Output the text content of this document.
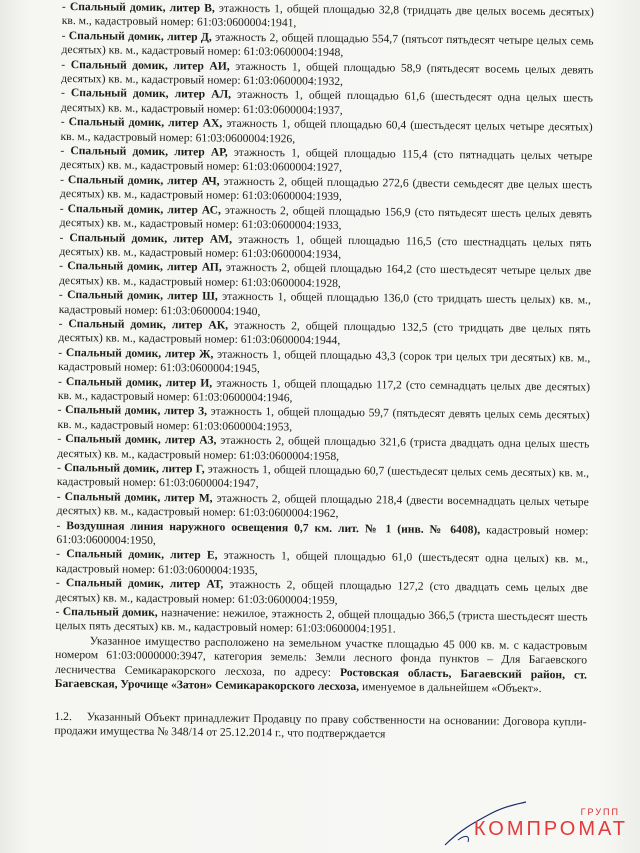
- Спальный домик, литер В, этажность 1, общей площадью 32,8 (тридцать две целых восемь десятых) кв. м., кадастровый номер: 61:03:0600004:1941,

- Спальный домик, литер Д, этажность 2, общей площадью 554,7 (пятьсот пятьдесят четыре целых семь десятых) кв. м., кадастровый номер: 61:03:0600004:1948,

- Спальный домик, литер АИ, этажность 1, общей площадью 58,9 (пятьдесят восемь целых девять десятых) кв. м., кадастровый номер: 61:03:0600004:1932,

- Спальный домик, литер АЛ, этажность 1, общей площадью 61,6 (шестьдесят одна целых шесть десятых) кв. м., кадастровый номер: 61:03:0600004:1937,

- Спальный домик, литер АХ, этажность 1, общей площадью 60,4 (шестьдесят целых четыре десятых) кв. м., кадастровый номер: 61:03:0600004:1926,

- Спальный домик, литер АР, этажность 1, общей площадью 115,4 (сто пятнадцать целых четыре десятых) кв. м., кадастровый номер: 61:03:0600004:1927,

- Спальный домик, литер АЧ, этажность 2, общей площадью 272,6 (двести семьдесят две целых шесть десятых) кв. м., кадастровый номер: 61:03:0600004:1939,

- Спальный домик, литер АС, этажность 2, общей площадью 156,9 (сто пятьдесят шесть целых девять десятых) кв. м., кадастровый номер: 61:03:0600004:1933,

- Спальный домик, литер АМ, этажность 1, общей площадью 116,5 (сто шестнадцать целых пять десятых) кв. м., кадастровый номер: 61:03:0600004:1934,

- Спальный домик, литер АП, этажность 2, общей площадью 164,2 (сто шестьдесят четыре целых две десятых) кв. м., кадастровый номер: 61:03:0600004:1928,

- Спальный домик, литер Ш, этажность 1, общей площадью 136,0 (сто тридцать шесть целых) кв. м., кадастровый номер: 61:03:0600004:1940,

- Спальный домик, литер АК, этажность 2, общей площадью 132,5 (сто тридцать две целых пять десятых) кв. м., кадастровый номер: 61:03:0600004:1944,

- Спальный домик, литер Ж, этажность 1, общей площадью 43,3 (сорок три целых три десятых) кв. м., кадастровый номер: 61:03:0600004:1945,

- Спальный домик, литер И, этажность 1, общей площадью 117,2 (сто семнадцать целых две десятых) кв. м., кадастровый номер: 61:03:0600004:1946,

- Спальный домик, литер З, этажность 1, общей площадью 59,7 (пятьдесят девять целых семь десятых) кв. м., кадастровый номер: 61:03:0600004:1953,

- Спальный домик, литер АЗ, этажность 2, общей площадью 321,6 (триста двадцать одна целых шесть десятых) кв. м., кадастровый номер: 61:03:0600004:1958,

- Спальный домик, литер Г, этажность 1, общей площадью 60,7 (шестьдесят целых семь десятых) кв. м., кадастровый номер: 61:03:0600004:1947,

- Спальный домик, литер М, этажность 2, общей площадью 218,4 (двести восемнадцать целых четыре десятых) кв. м., кадастровый номер: 61:03:0600004:1962,

- Воздушная линия наружного освещения 0,7 км. лит. № 1 (инв. № 6408), кадастровый номер: 61:03:0600004:1950,

- Спальный домик, литер Е, этажность 1, общей площадью 61,0 (шестьдесят одна целых) кв. м., кадастровый номер: 61:03:0600004:1935,

- Спальный домик, литер АТ, этажность 2, общей площадью 127,2 (сто двадцать семь целых две десятых) кв. м., кадастровый номер: 61:03:0600004:1959,

- Спальный домик, назначение: нежилое, этажность 2, общей площадью 366,5 (триста шестьдесят шесть целых пять десятых) кв. м., кадастровый номер: 61:03:0600004:1951.

Указанное имущество расположено на земельном участке площадью 45 000 кв. м. с кадастровым номером 61:03:0000000:3947, категория земель: Земли лесного фонда пунктов – Для Багаевского лесничества Семикаракорского лесхоза, по адресу: Ростовская область, Багаевский район, ст. Багаевская, Урочище «Затон» Семикаракорского лесхоза, именуемое в дальнейшем «Объект».

1.2. Указанный Объект принадлежит Продавцу по праву собственности на основании: Договора купли-продажи имущества № 348/14 от 25.12.2014 г., что подтверждается

ГРУПП
КОМПРОМАТ
